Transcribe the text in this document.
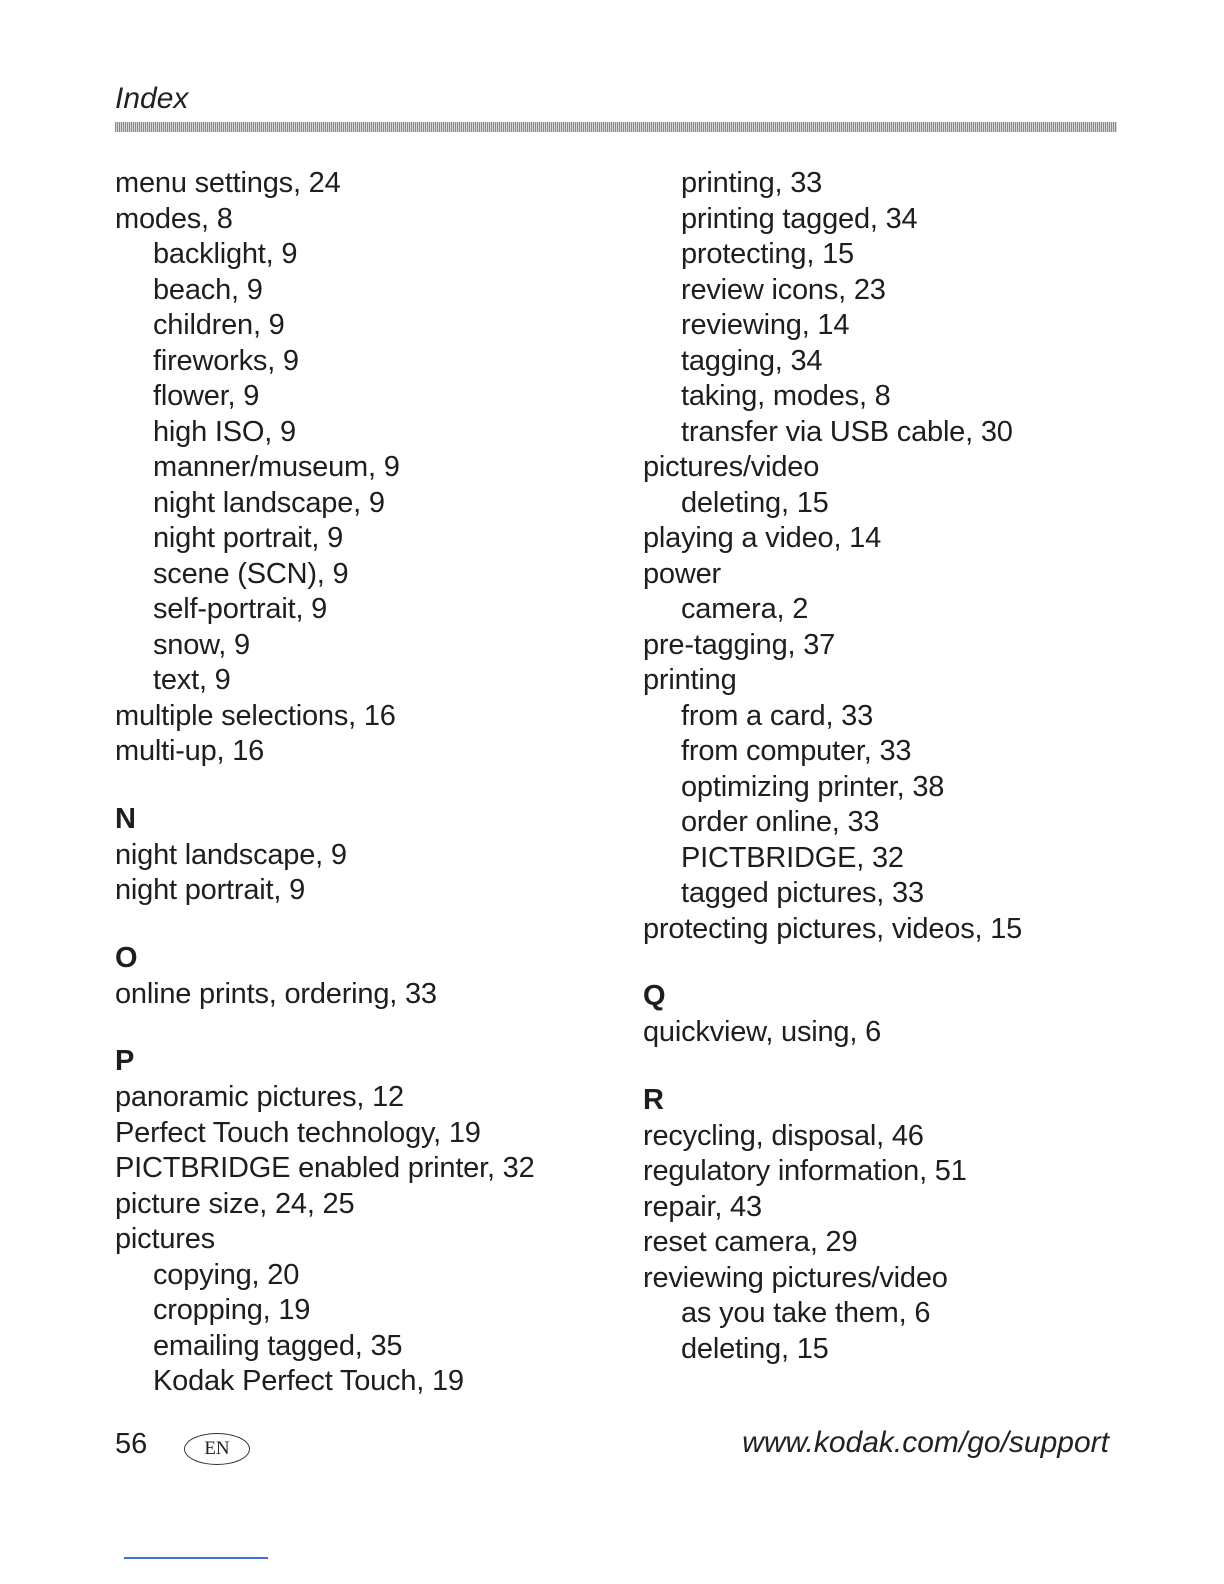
Index
menu settings, 24
modes, 8
backlight, 9
beach, 9
children, 9
fireworks, 9
flower, 9
high ISO, 9
manner/museum, 9
night landscape, 9
night portrait, 9
scene (SCN), 9
self-portrait, 9
snow, 9
text, 9
multiple selections, 16
multi-up, 16
N
night landscape, 9
night portrait, 9
O
online prints, ordering, 33
P
panoramic pictures, 12
Perfect Touch technology, 19
PICTBRIDGE enabled printer, 32
picture size, 24, 25
pictures
copying, 20
cropping, 19
emailing tagged, 35
Kodak Perfect Touch, 19
printing, 33
printing tagged, 34
protecting, 15
review icons, 23
reviewing, 14
tagging, 34
taking, modes, 8
transfer via USB cable, 30
pictures/video
deleting, 15
playing a video, 14
power
camera, 2
pre-tagging, 37
printing
from a card, 33
from computer, 33
optimizing printer, 38
order online, 33
PICTBRIDGE, 32
tagged pictures, 33
protecting pictures, videos, 15
Q
quickview, using, 6
R
recycling, disposal, 46
regulatory information, 51
repair, 43
reset camera, 29
reviewing pictures/video
as you take them, 6
deleting, 15
56	EN	www.kodak.com/go/support
